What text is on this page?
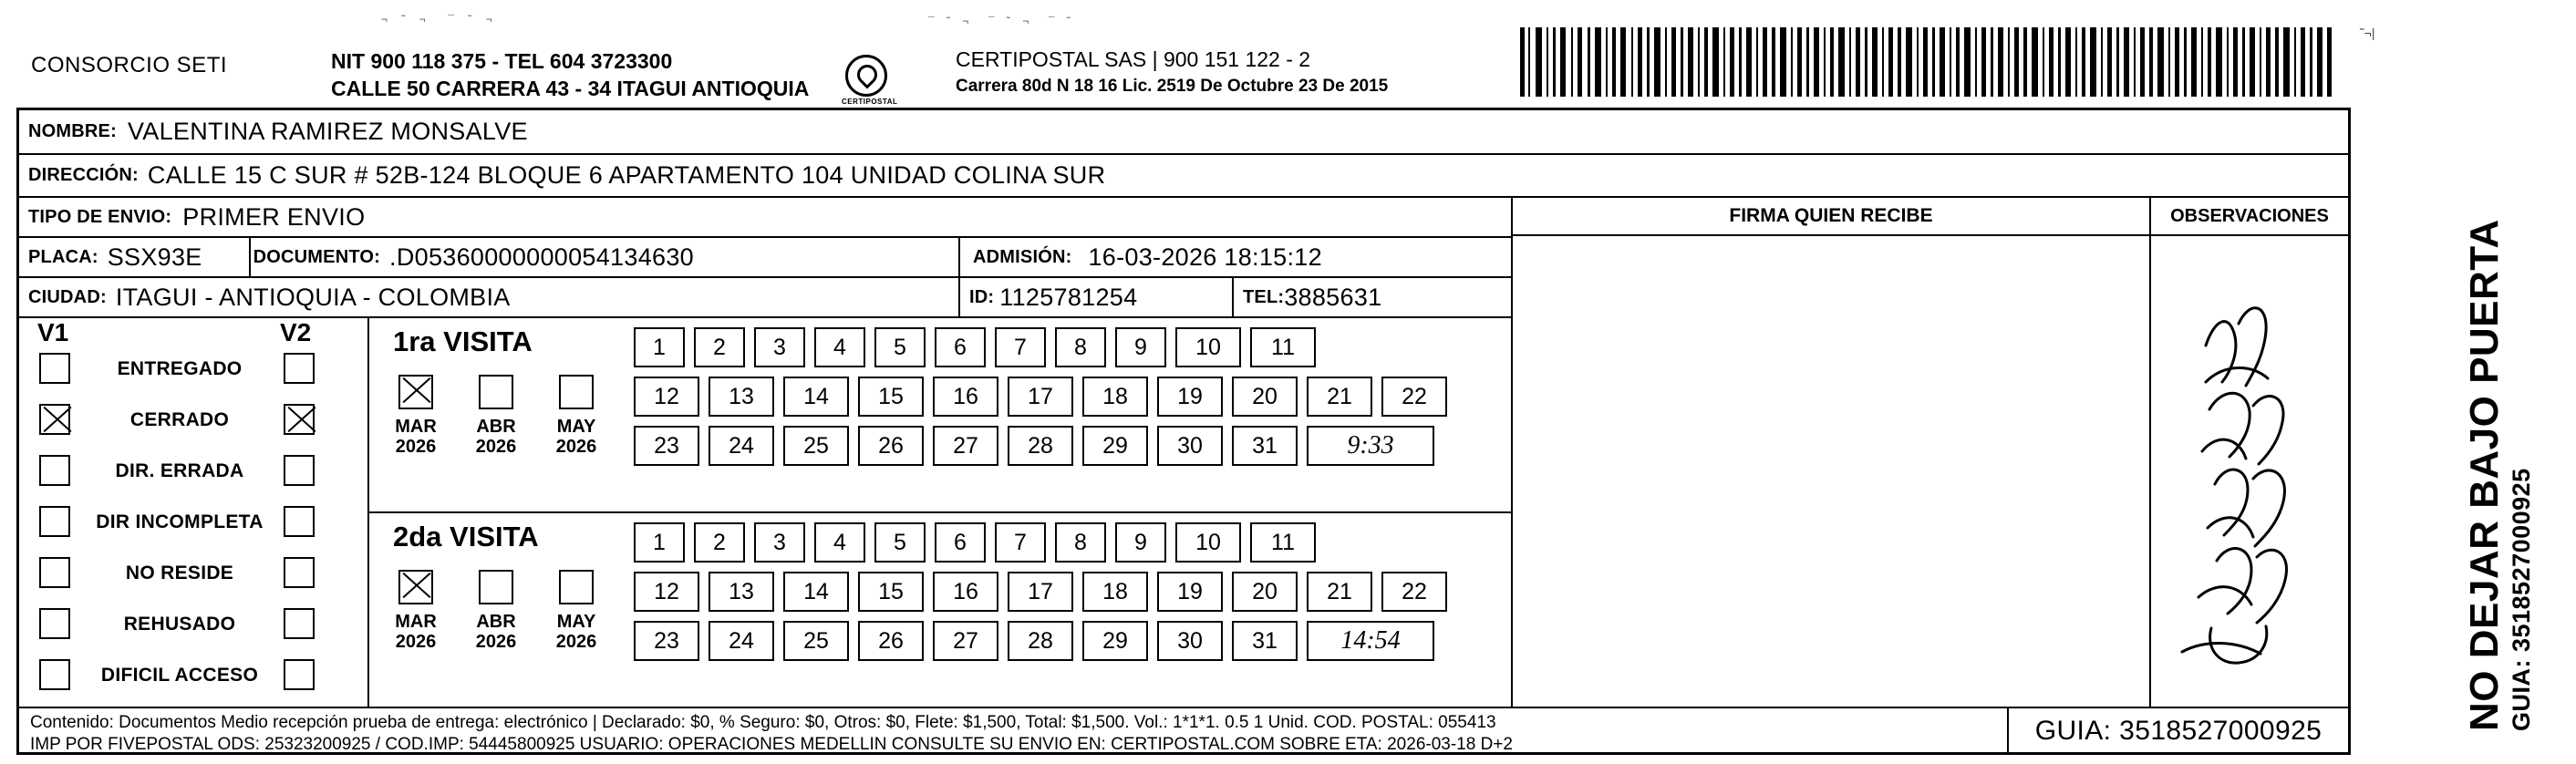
¬ ˜ ¬ ¯ ˜ ¬	¯ ˜ ¬ ¯ ˜ ¬ ¯ ˜
˜¬|
CONSORCIO SETI	NIT 900 118 375 - TEL 604 3723300
CALLE 50 CARRERA 43 - 34 ITAGUI ANTIOQUIA
CERTIPOSTAL
CERTIPOSTAL SAS | 900 151 122 - 2
Carrera 80d N 18 16 Lic. 2519 De Octubre 23 De 2015
NOMBRE: VALENTINA RAMIREZ MONSALVE
DIRECCIÓN: CALLE 15 C SUR # 52B-124 BLOQUE 6 APARTAMENTO 104 UNIDAD COLINA SUR
TIPO DE ENVIO: PRIMER ENVIO
PLACA: SSX93E	DOCUMENTO: .D05360000000054134630	ADMISIÓN: 16-03-2026 18:15:12
CIUDAD: ITAGUI - ANTIOQUIA - COLOMBIA	ID: 1125781254	TEL: 3885631
FIRMA QUIEN RECIBE	OBSERVACIONES
V1	V2
ENTREGADO
CERRADO
DIR. ERRADA
DIR INCOMPLETA
NO RESIDE
REHUSADO
DIFICIL ACCESO
1ra VISITA
MAR
2026
ABR
2026
MAY
2026
1	2	3	4	5	6	7	8	9	10	11
12	13	14	15	16	17	18	19	20	21	22
23	24	25	26	27	28	29	30	31	9:33
2da VISITA
MAR
2026
ABR
2026
MAY
2026
1	2	3	4	5	6	7	8	9	10	11
12	13	14	15	16	17	18	19	20	21	22
23	24	25	26	27	28	29	30	31	14:54
Contenido: Documentos Medio recepción prueba de entrega: electrónico | Declarado: $0, % Seguro: $0, Otros: $0, Flete: $1,500, Total: $1,500. Vol.: 1*1*1. 0.5 1 Unid. COD. POSTAL: 055413
IMP POR FIVEPOSTAL ODS: 25323200925 / COD.IMP: 54445800925 USUARIO: OPERACIONES MEDELLIN CONSULTE SU ENVIO EN: CERTIPOSTAL.COM SOBRE ETA: 2026-03-18 D+2	GUIA: 3518527000925	NO DEJAR BAJO PUERTA GUIA: 3518527000925
